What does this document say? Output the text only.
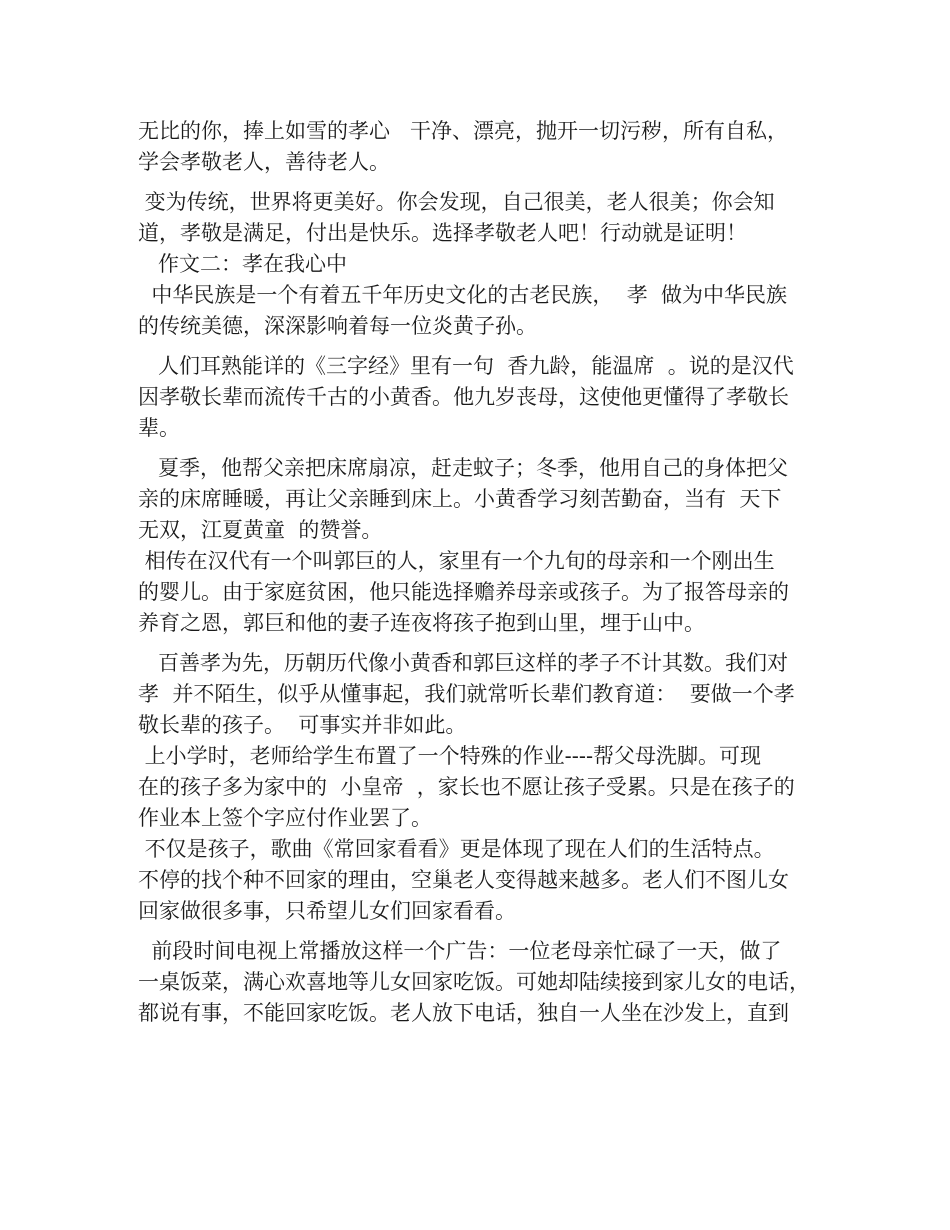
无比的你，捧上如雪的孝心   干净、漂亮，抛开一切污秽，所有自私，
学会孝敬老人，善待老人。
变为传统，世界将更美好。你会发现，自己很美，老人很美；你会知
道，孝敬是满足，付出是快乐。选择孝敬老人吧！行动就是证明！
作文二：孝在我心中
中华民族是一个有着五千年历史文化的古老民族，  孝  做为中华民族
的传统美德，深深影响着每一位炎黄子孙。
人们耳熟能详的《三字经》里有一句  香九龄，能温席  。说的是汉代
因孝敬长辈而流传千古的小黄香。他九岁丧母，这使他更懂得了孝敬长
辈。
夏季，他帮父亲把床席扇凉，赶走蚊子；冬季，他用自己的身体把父
亲的床席睡暖，再让父亲睡到床上。小黄香学习刻苦勤奋，当有  天下
无双，江夏黄童  的赞誉。
相传在汉代有一个叫郭巨的人，家里有一个九旬的母亲和一个刚出生
的婴儿。由于家庭贫困，他只能选择赡养母亲或孩子。为了报答母亲的
养育之恩，郭巨和他的妻子连夜将孩子抱到山里，埋于山中。
百善孝为先，历朝历代像小黄香和郭巨这样的孝子不计其数。我们对
孝  并不陌生，似乎从懂事起，我们就常听长辈们教育道：  要做一个孝
敬长辈的孩子。  可事实并非如此。
上小学时，老师给学生布置了一个特殊的作业----帮父母洗脚。可现
在的孩子多为家中的  小皇帝  ，家长也不愿让孩子受累。只是在孩子的
作业本上签个字应付作业罢了。
不仅是孩子，歌曲《常回家看看》更是体现了现在人们的生活特点。
不停的找个种不回家的理由，空巢老人变得越来越多。老人们不图儿女
回家做很多事，只希望儿女们回家看看。
前段时间电视上常播放这样一个广告：一位老母亲忙碌了一天，做了
一桌饭菜，满心欢喜地等儿女回家吃饭。可她却陆续接到家儿女的电话，
都说有事，不能回家吃饭。老人放下电话，独自一人坐在沙发上，直到
